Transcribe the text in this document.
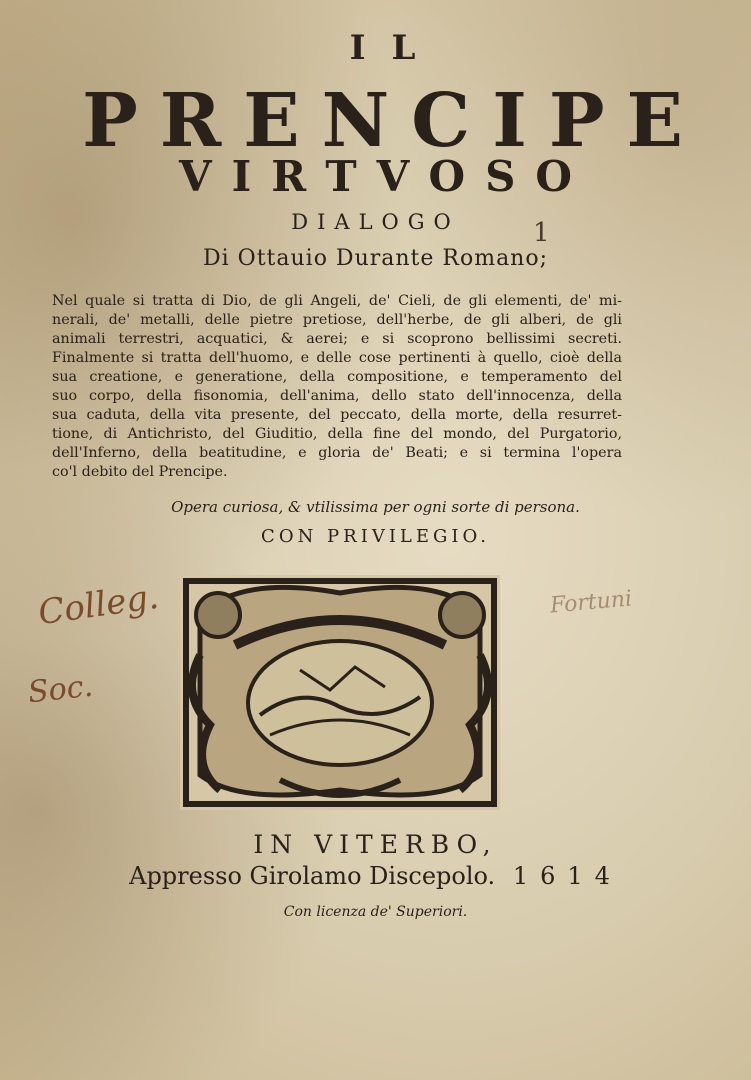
IL
PRENCIPE
VIRTVOSO
DIALOGO
Di Ottauio Durante Romano;
1
Nel quale si tratta di Dio, de gli Angeli, de' Cieli, de gli elementi, de' mi-
nerali, de' metalli, delle pietre pretiose, dell'herbe, de gli alberi, de gli
animali terrestri, acquatici, & aerei; e si scoprono bellissimi secreti.
Finalmente si tratta dell'huomo, e delle cose pertinenti à quello, cioè della
sua creatione, e generatione, della compositione, e temperamento del
suo corpo, della fisonomia, dell'anima, dello stato dell'innocenza, della
sua caduta, della vita presente, del peccato, della morte, della resurret-
tione, di Antichristo, del Giuditio, della fine del mondo, del Purgatorio,
dell'Inferno, della beatitudine, e gloria de' Beati; e si termina l'opera
co'l debito del Prencipe.
Opera curiosa, & vtilissima per ogni sorte di persona.
CON PRIVILEGIO.
Colleg.
Soc.
Fortuni
IN VITERBO,
Appresso Girolamo Discepolo. 1614
Con licenza de' Superiori.
